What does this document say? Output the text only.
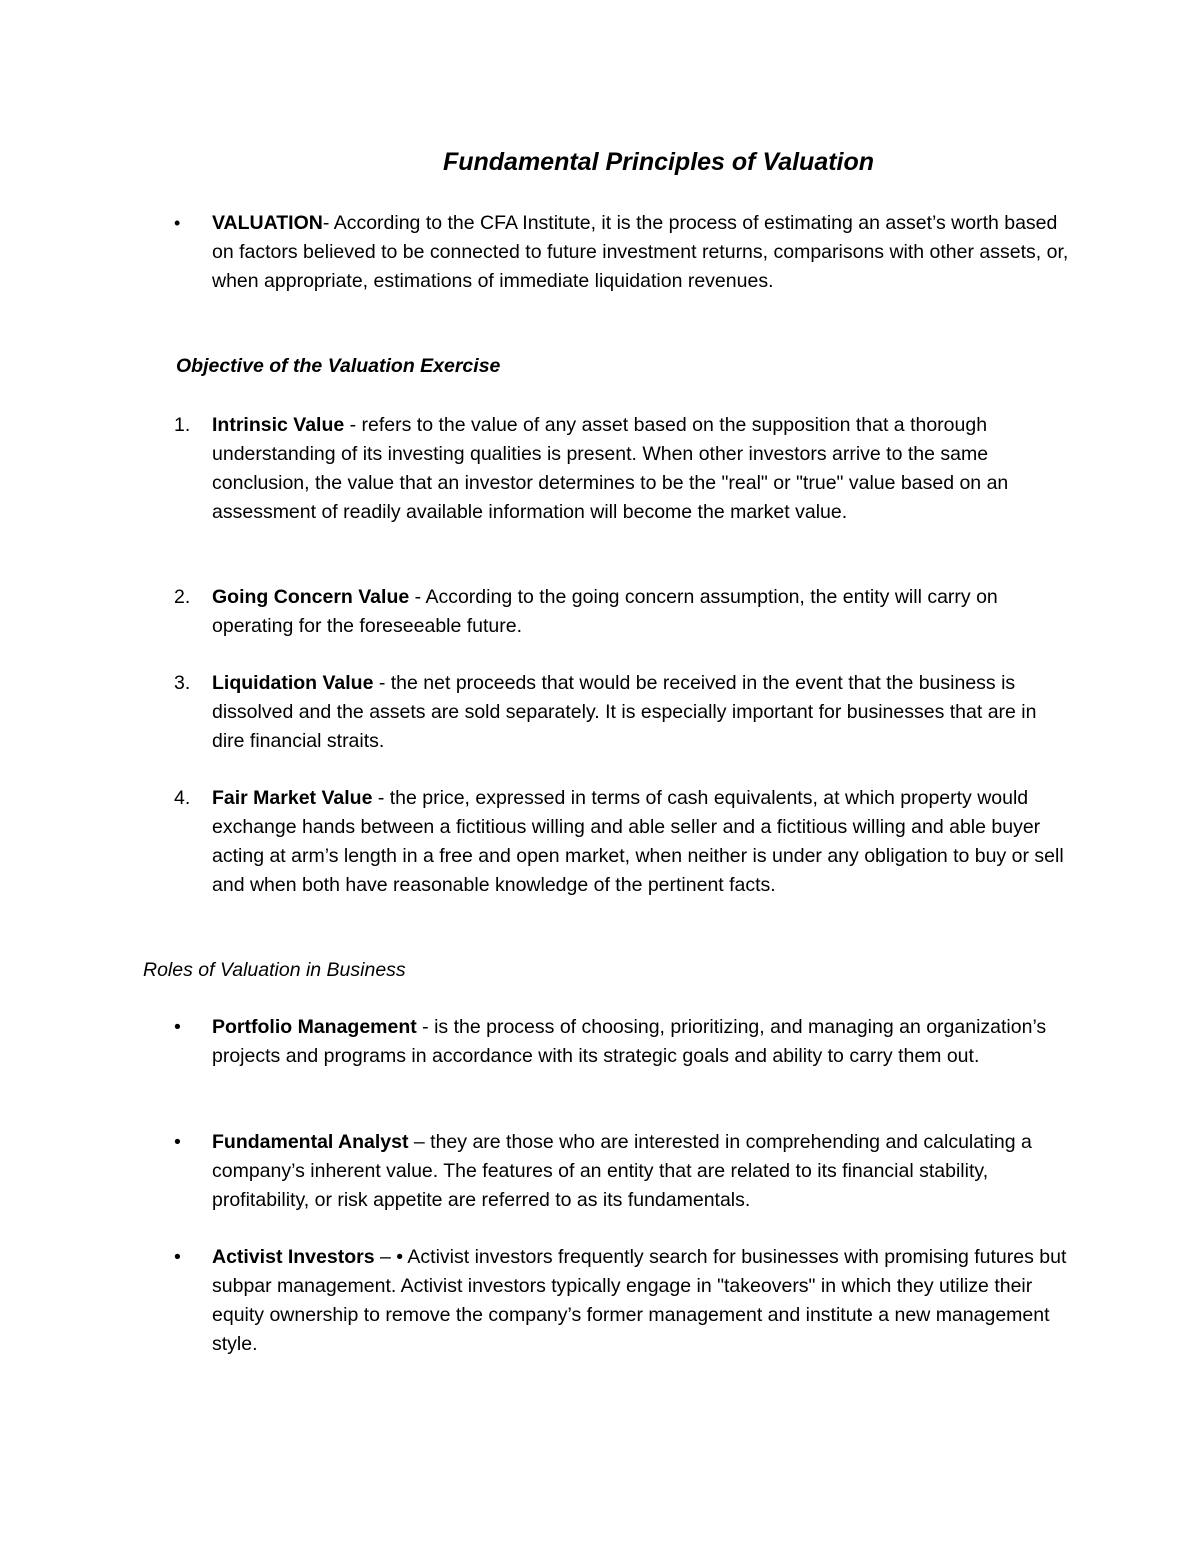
Fundamental Principles of Valuation
•	VALUATION- According to the CFA Institute, it is the process of estimating an asset’s worth based on factors believed to be connected to future investment returns, comparisons with other assets, or, when appropriate, estimations of immediate liquidation revenues.

Objective of the Valuation Exercise
1. Intrinsic Value - refers to the value of any asset based on the supposition that a thorough understanding of its investing qualities is present. When other investors arrive to the same conclusion, the value that an investor determines to be the "real" or "true" value based on an assessment of readily available information will become the market value.

2. Going Concern Value - According to the going concern assumption, the entity will carry on operating for the foreseeable future.

3. Liquidation Value - the net proceeds that would be received in the event that the business is dissolved and the assets are sold separately. It is especially important for businesses that are in dire financial straits.

4. Fair Market Value - the price, expressed in terms of cash equivalents, at which property would exchange hands between a fictitious willing and able seller and a fictitious willing and able buyer acting at arm’s length in a free and open market, when neither is under any obligation to buy or sell and when both have reasonable knowledge of the pertinent facts.

Roles of Valuation in Business
• Portfolio Management - is the process of choosing, prioritizing, and managing an organization’s projects and programs in accordance with its strategic goals and ability to carry them out.

• Fundamental Analyst – they are those who are interested in comprehending and calculating a company’s inherent value. The features of an entity that are related to its financial stability, profitability, or risk appetite are referred to as its fundamentals.

• Activist Investors – • Activist investors frequently search for businesses with promising futures but subpar management. Activist investors typically engage in "takeovers" in which they utilize their equity ownership to remove the company’s former management and institute a new management style.
